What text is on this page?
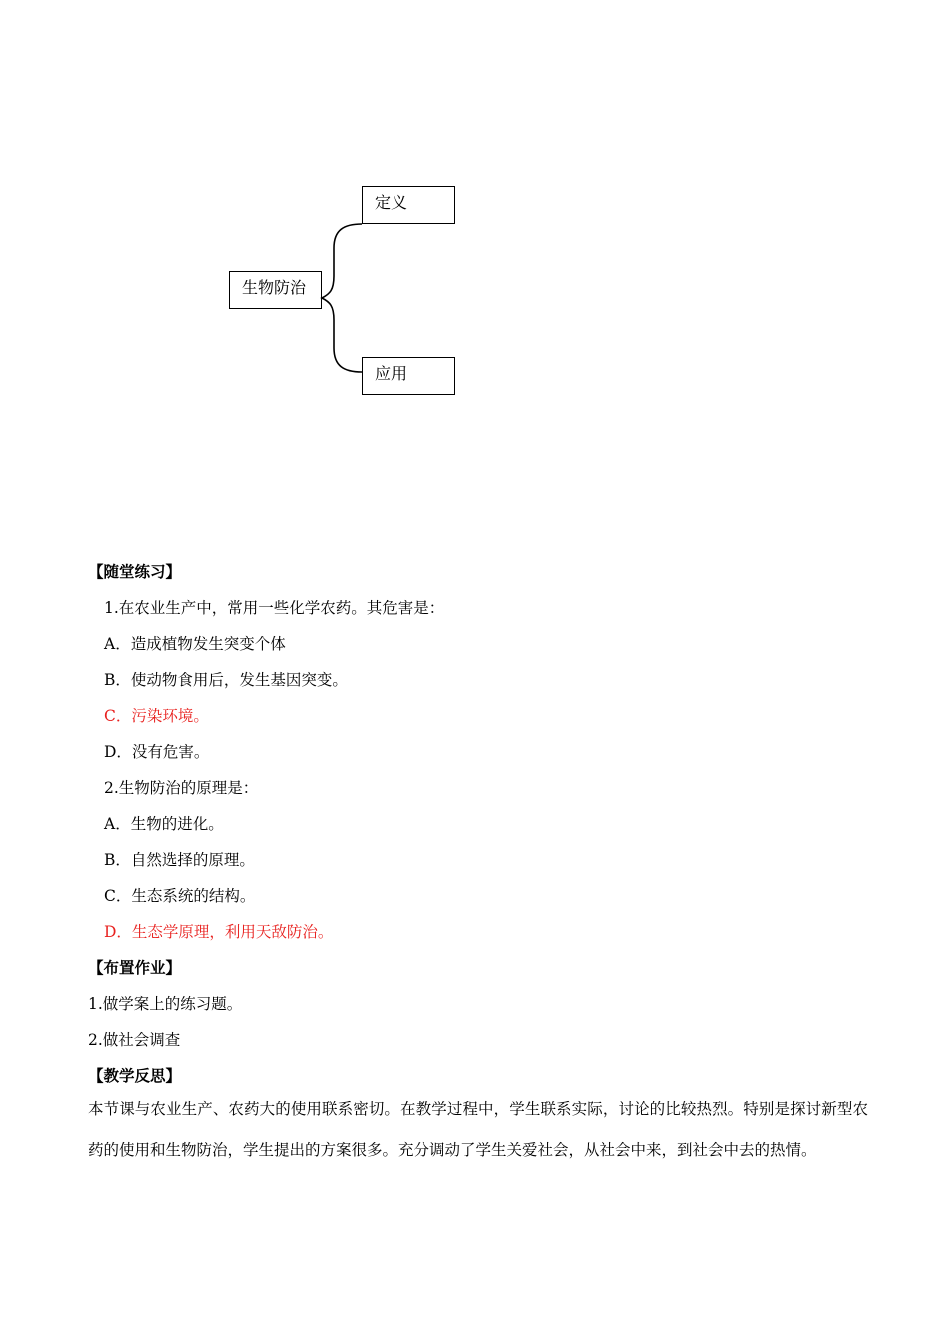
定义
生物防治
应用
【随堂练习】
1.在农业生产中，常用一些化学农药。其危害是：
A．造成植物发生突变个体
B．使动物食用后，发生基因突变。
C．污染环境。
D．没有危害。
2.生物防治的原理是：
A．生物的进化。
B．自然选择的原理。
C．生态系统的结构。
D．生态学原理，利用天敌防治。
【布置作业】
1.做学案上的练习题。
2.做社会调查
【教学反思】
本节课与农业生产、农药大的使用联系密切。在教学过程中，学生联系实际，讨论的比较热烈。特别是探讨新型农药的使用和生物防治，学生提出的方案很多。充分调动了学生关爱社会，从社会中来，到社会中去的热情。
